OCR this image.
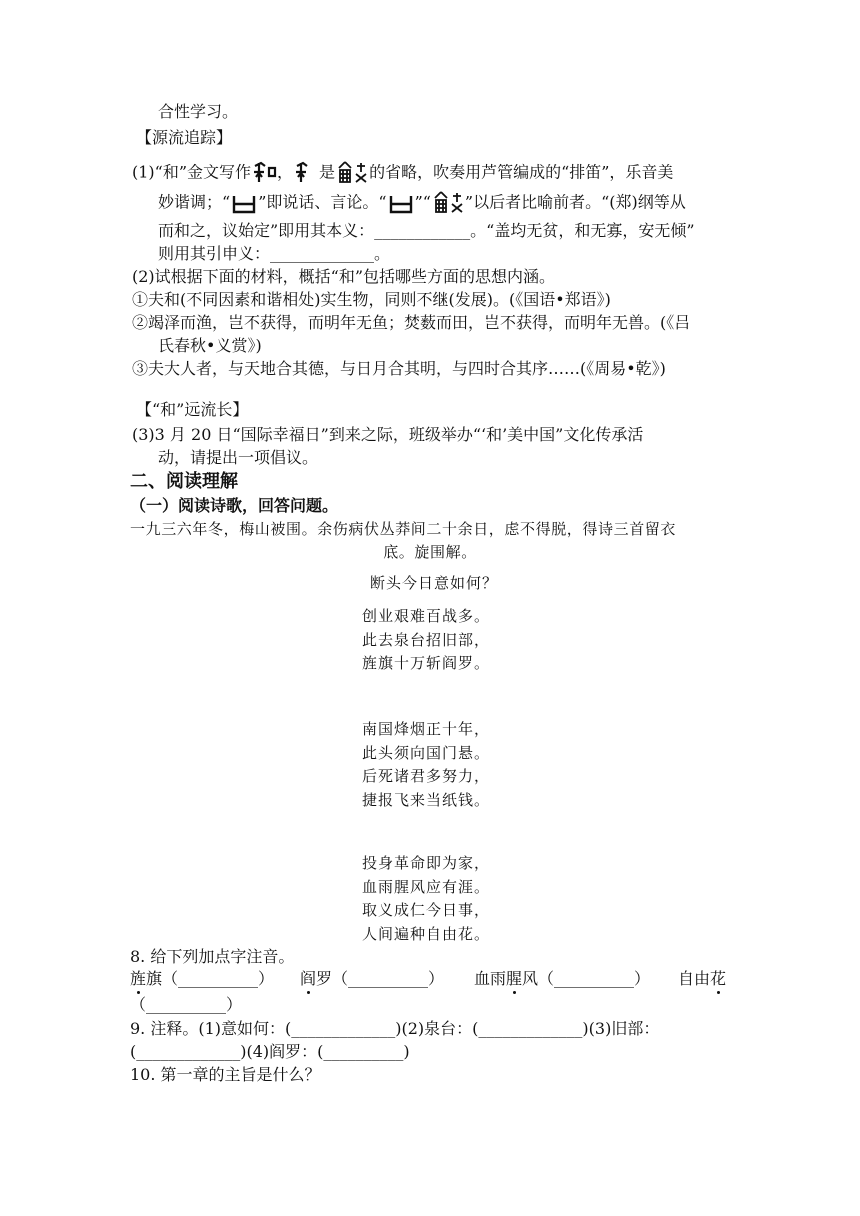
合性学习。
【源流追踪】
(1)“和”金文写作 ， 是 的省略，吹奏用芦管编成的“排笛”，乐音美
妙谐调；“ ”即说话、言论。“ ”“ ”以后者比喻前者。“(郑)纲等从
而和之，议始定”即用其本义：____________。“盖均无贫，和无寡，安无倾”
则用其引申义：_____________。
(2)试根据下面的材料，概括“和”包括哪些方面的思想内涵。
①夫和(不同因素和谐相处)实生物，同则不继(发展)。(《国语•郑语》)
②竭泽而渔，岂不获得，而明年无鱼；焚薮而田，岂不获得，而明年无兽。(《吕
氏春秋•义赏》)
③夫大人者，与天地合其德，与日月合其明，与四时合其序……(《周易•乾》)
【“和”远流长】
(3)3 月 20 日“国际幸福日”到来之际，班级举办“‘和’美中国”文化传承活
动，请提出一项倡议。
二、阅读理解
（一）阅读诗歌，回答问题。
一九三六年冬，梅山被围。余伤病伏丛莽间二十余日，虑不得脱，得诗三首留衣
底。旋围解。
断头今日意如何？
创业艰难百战多。
此去泉台招旧部，
旌旗十万斩阎罗。
南国烽烟正十年，
此头须向国门悬。
后死诸君多努力，
捷报飞来当纸钱。
投身革命即为家，
血雨腥风应有涯。
取义成仁今日事，
人间遍种自由花。
8. 给下列加点字注音。
旌旗（__________） 阎罗（__________） 血雨腥风（__________） 自由花
（__________）
9. 注释。(1)意如何：(_____________)(2)泉台：(_____________)(3)旧部：
(_____________)(4)阎罗：(__________)
10. 第一章的主旨是什么？
